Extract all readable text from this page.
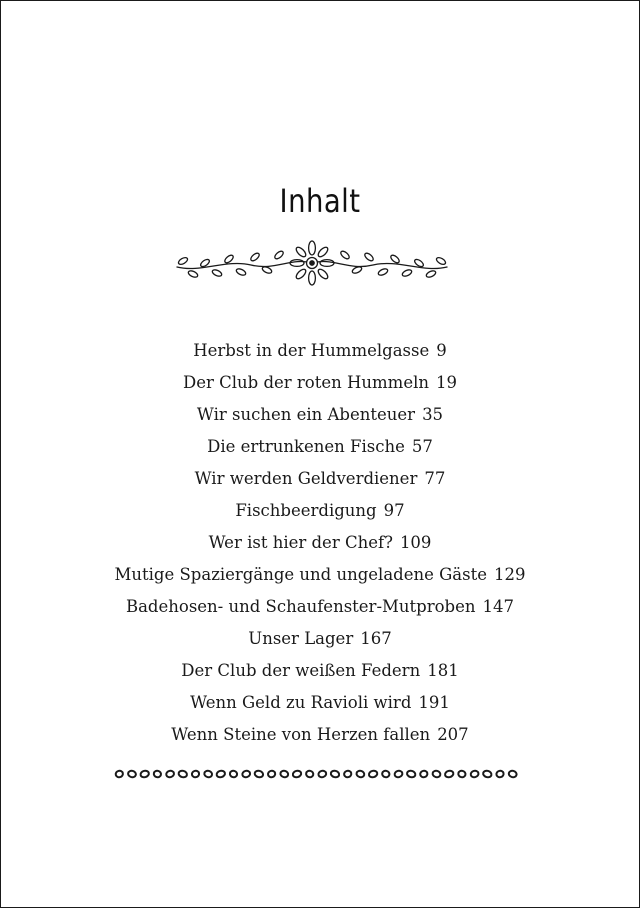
Inhalt
Herbst in der Hummelgasse 9
Der Club der roten Hummeln 19
Wir suchen ein Abenteuer 35
Die ertrunkenen Fische 57
Wir werden Geldverdiener 77
Fischbeerdigung 97
Wer ist hier der Chef? 109
Mutige Spaziergänge und ungeladene Gäste 129
Badehosen- und Schaufenster-Mutproben 147
Unser Lager 167
Der Club der weißen Federn 181
Wenn Geld zu Ravioli wird 191
Wenn Steine von Herzen fallen 207
